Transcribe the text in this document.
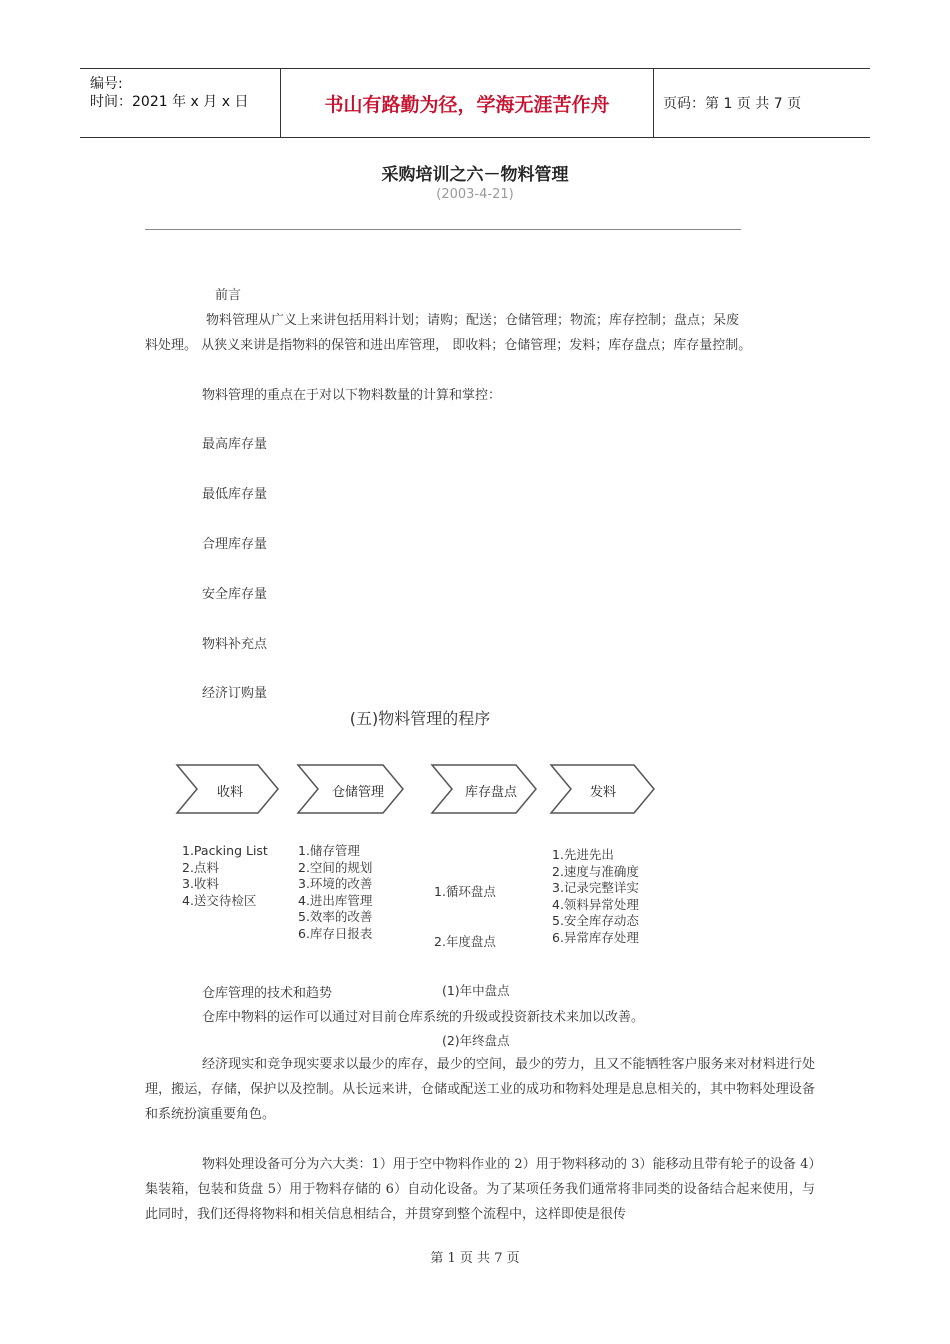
编号:
时间：2021 年 x 月 x 日	书山有路勤为径，学海无涯苦作舟	页码：第 1 页 共 7 页
采购培训之六－物料管理
(2003-4-21)
前言
物料管理从广义上来讲包括用料计划；请购；配送；仓储管理；物流；库存控制；盘点；呆废
料处理。 从狭义来讲是指物料的保管和进出库管理， 即收料；仓储管理；发料；库存盘点；库存量控制。
物料管理的重点在于对以下物料数量的计算和掌控：
最高库存量
最低库存量
合理库存量
安全库存量
物料补充点
经济订购量
(五)物料管理的程序
收料	仓储管理	库存盘点	发料
1.Packing List
2.点料
3.收料
4.送交待检区
1.储存管理
2.空间的规划
3.环境的改善
4.进出库管理
5.效率的改善
6.库存日报表

1.循环盘点

2.年度盘点

(1)年中盘点

(2)年终盘点

1.先进先出
2.速度与准确度
3.记录完整详实
4.领料异常处理
5.安全库存动态
6.异常库存处理
仓库管理的技术和趋势
仓库中物料的运作可以通过对目前仓库系统的升级或投资新技术来加以改善。
经济现实和竞争现实要求以最少的库存，最少的空间，最少的劳力，且又不能牺牲客户服务来对材料进行处理，搬运，存储，保护以及控制。从长远来讲，仓储或配送工业的成功和物料处理是息息相关的，其中物料处理设备和系统扮演重要角色。
物料处理设备可分为六大类：1）用于空中物料作业的 2）用于物料移动的 3）能移动且带有轮子的设备 4）集装箱，包装和货盘 5）用于物料存储的 6）自动化设备。为了某项任务我们通常将非同类的设备结合起来使用，与此同时，我们还得将物料和相关信息相结合，并贯穿到整个流程中，这样即使是很传
第 1 页 共 7 页
